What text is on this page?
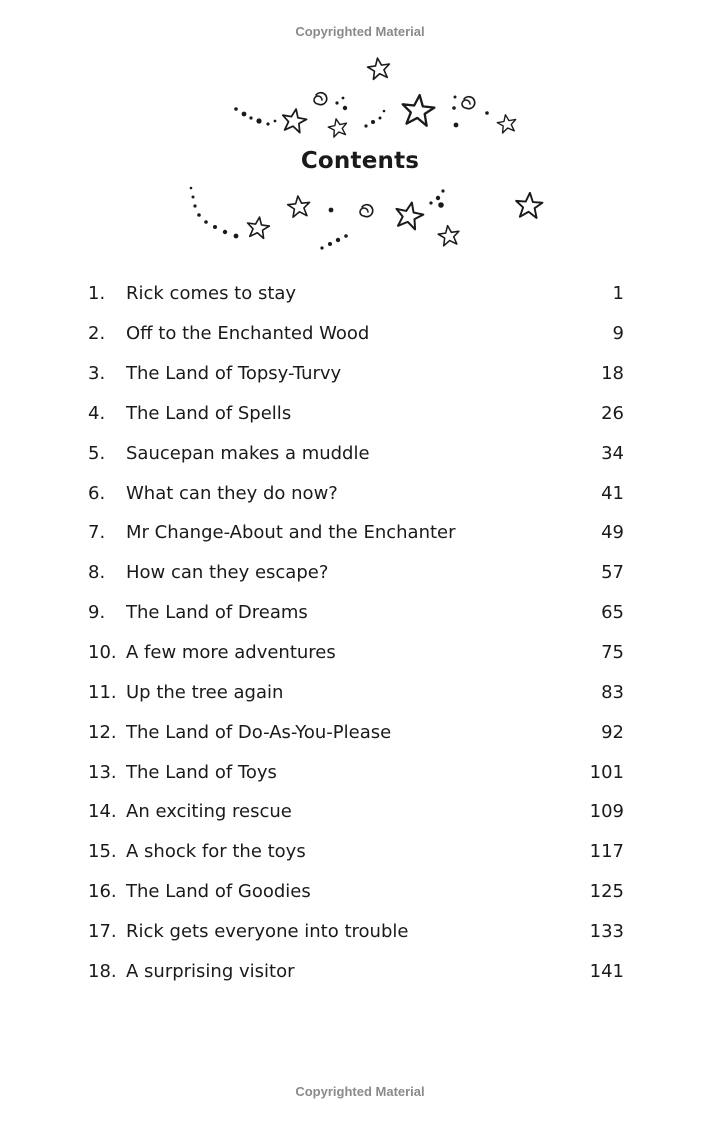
Copyrighted Material
Contents
1.	Rick comes to stay	1
2.	Off to the Enchanted Wood	9
3.	The Land of Topsy-Turvy	18
4.	The Land of Spells	26
5.	Saucepan makes a muddle	34
6.	What can they do now?	41
7.	Mr Change-About and the Enchanter	49
8.	How can they escape?	57
9.	The Land of Dreams	65
10. A few more adventures	75
11. Up the tree again	83
12. The Land of Do-As-You-Please	92
13. The Land of Toys	101
14. An exciting rescue	109
15. A shock for the toys	117
16. The Land of Goodies	125
17. Rick gets everyone into trouble	133
18. A surprising visitor	141
Copyrighted Material
